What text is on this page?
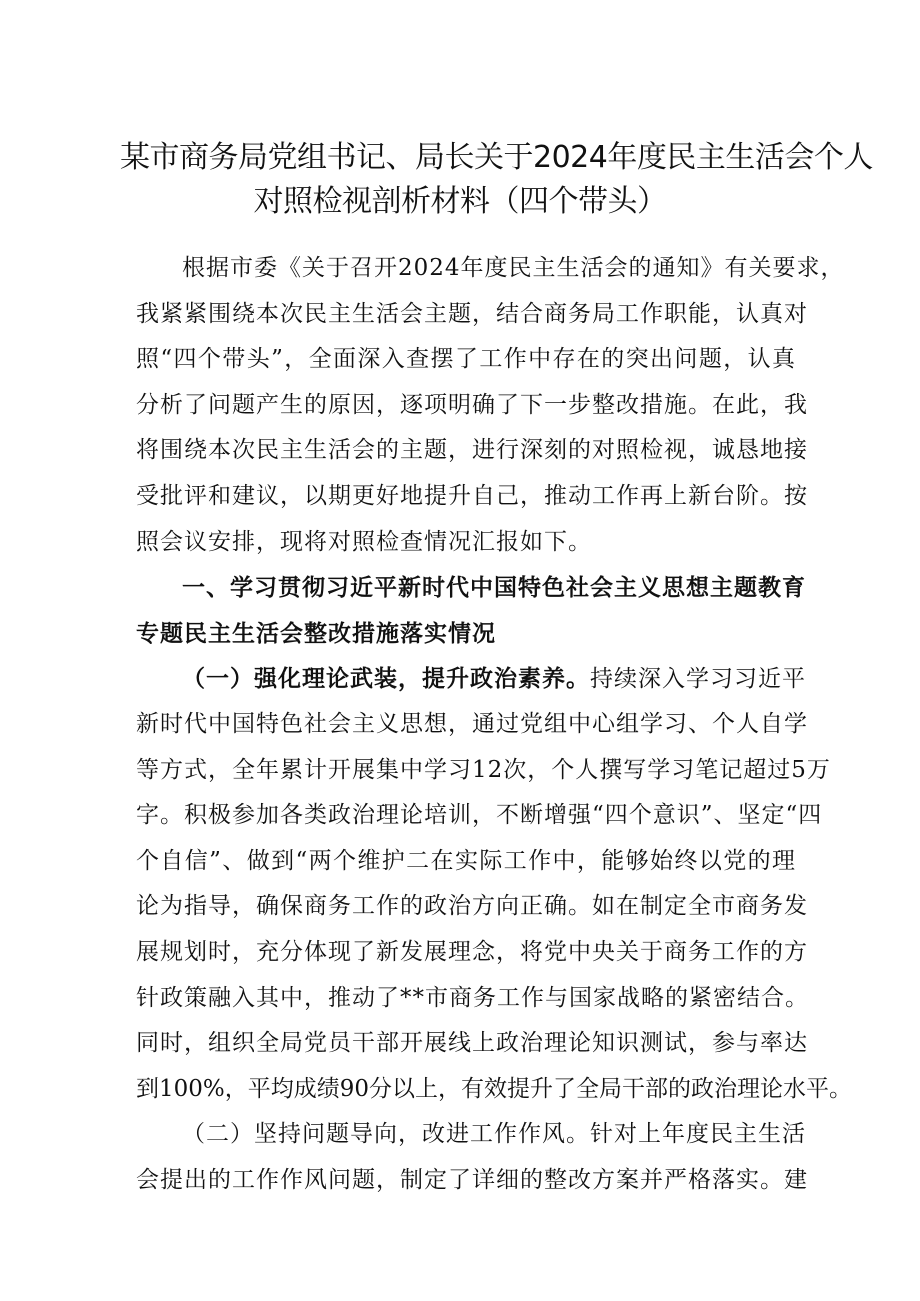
某市商务局党组书记、局长关于2024年度民主生活会个人
对照检视剖析材料（四个带头）
根据市委《关于召开2024年度民主生活会的通知》有关要求，
我紧紧围绕本次民主生活会主题，结合商务局工作职能，认真对
照“四个带头”，全面深入查摆了工作中存在的突出问题，认真
分析了问题产生的原因，逐项明确了下一步整改措施。在此，我
将围绕本次民主生活会的主题，进行深刻的对照检视，诚恳地接
受批评和建议，以期更好地提升自己，推动工作再上新台阶。按
照会议安排，现将对照检查情况汇报如下。
一、学习贯彻习近平新时代中国特色社会主义思想主题教育
专题民主生活会整改措施落实情况
（一）强化理论武装，提升政治素养。持续深入学习习近平
新时代中国特色社会主义思想，通过党组中心组学习、个人自学
等方式，全年累计开展集中学习12次，个人撰写学习笔记超过5万
字。积极参加各类政治理论培训，不断增强“四个意识”、坚定“四
个自信”、做到“两个维护二在实际工作中，能够始终以党的理
论为指导，确保商务工作的政治方向正确。如在制定全市商务发
展规划时，充分体现了新发展理念，将党中央关于商务工作的方
针政策融入其中，推动了**市商务工作与国家战略的紧密结合。
同时，组织全局党员干部开展线上政治理论知识测试，参与率达
到100%，平均成绩90分以上，有效提升了全局干部的政治理论水平。
（二）坚持问题导向，改进工作作风。针对上年度民主生活
会提出的工作作风问题，制定了详细的整改方案并严格落实。建
